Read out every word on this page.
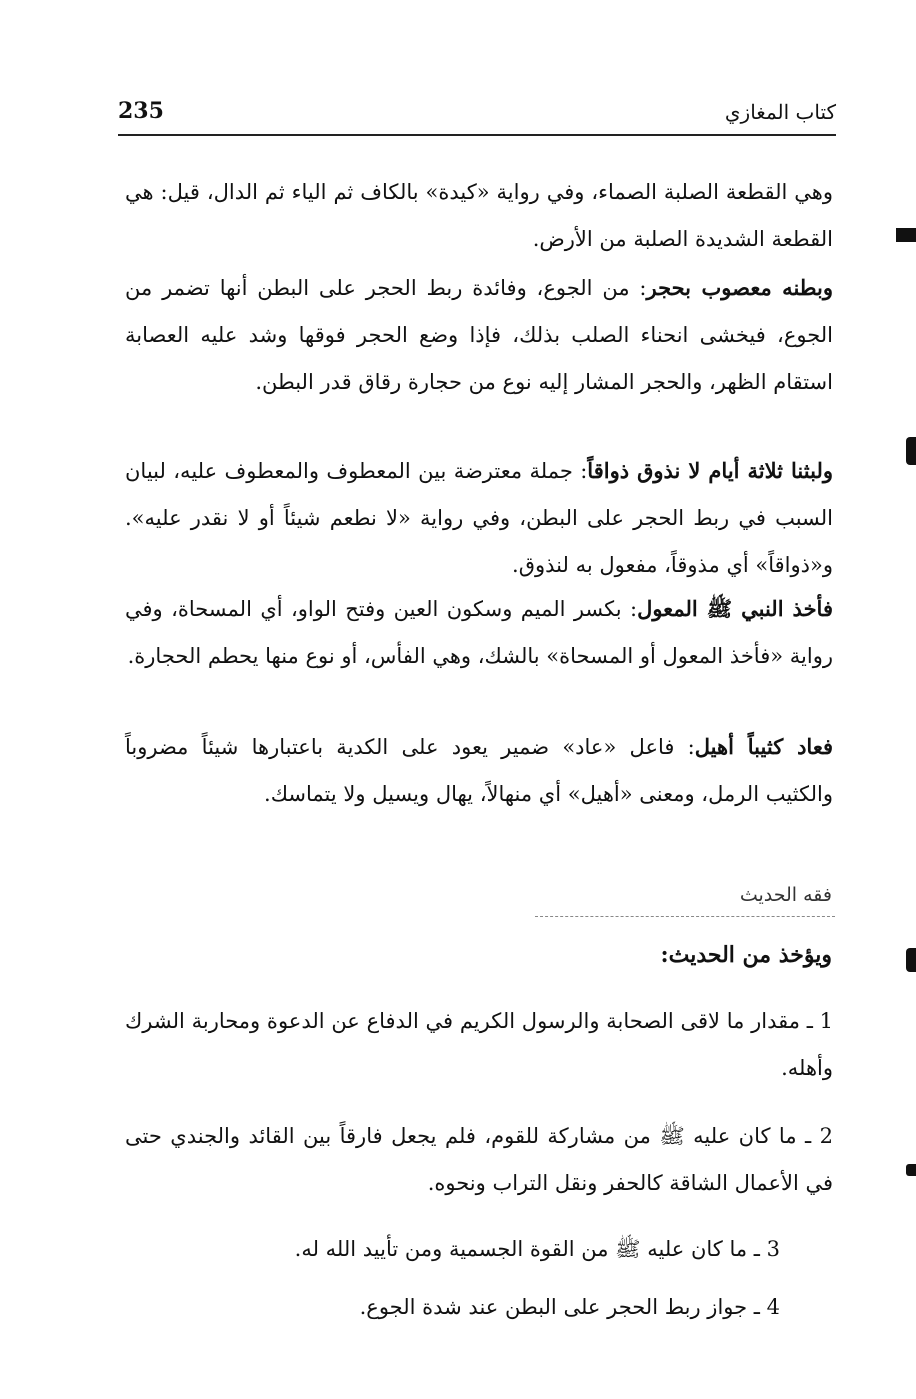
كتاب المغازي
235

وهي القطعة الصلبة الصماء، وفي رواية «كيدة» بالكاف ثم الياء ثم الدال، قيل: هي القطعة الشديدة الصلبة من الأرض.

وبطنه معصوب بحجر: من الجوع، وفائدة ربط الحجر على البطن أنها تضمر من الجوع، فيخشى انحناء الصلب بذلك، فإذا وضع الحجر فوقها وشد عليه العصابة استقام الظهر، والحجر المشار إليه نوع من حجارة رقاق قدر البطن.

ولبثنا ثلاثة أيام لا نذوق ذواقاً: جملة معترضة بين المعطوف والمعطوف عليه، لبيان السبب في ربط الحجر على البطن، وفي رواية «لا نطعم شيئاً أو لا نقدر عليه». و«ذواقاً» أي مذوقاً، مفعول به لنذوق.

فأخذ النبي ﷺ المعول: بكسر الميم وسكون العين وفتح الواو، أي المسحاة، وفي رواية «فأخذ المعول أو المسحاة» بالشك، وهي الفأس، أو نوع منها يحطم الحجارة.

فعاد كثيباً أهيل: فاعل «عاد» ضمير يعود على الكدية باعتبارها شيئاً مضروباً والكثيب الرمل، ومعنى «أهيل» أي منهالاً، يهال ويسيل ولا يتماسك.

فقه الحديث
ويؤخذ من الحديث:

1 ـ مقدار ما لاقى الصحابة والرسول الكريم في الدفاع عن الدعوة ومحاربة الشرك وأهله.

2 ـ ما كان عليه ﷺ من مشاركة للقوم، فلم يجعل فارقاً بين القائد والجندي حتى في الأعمال الشاقة كالحفر ونقل التراب ونحوه.

3 ـ ما كان عليه ﷺ من القوة الجسمية ومن تأييد الله له.

4 ـ جواز ربط الحجر على البطن عند شدة الجوع.
